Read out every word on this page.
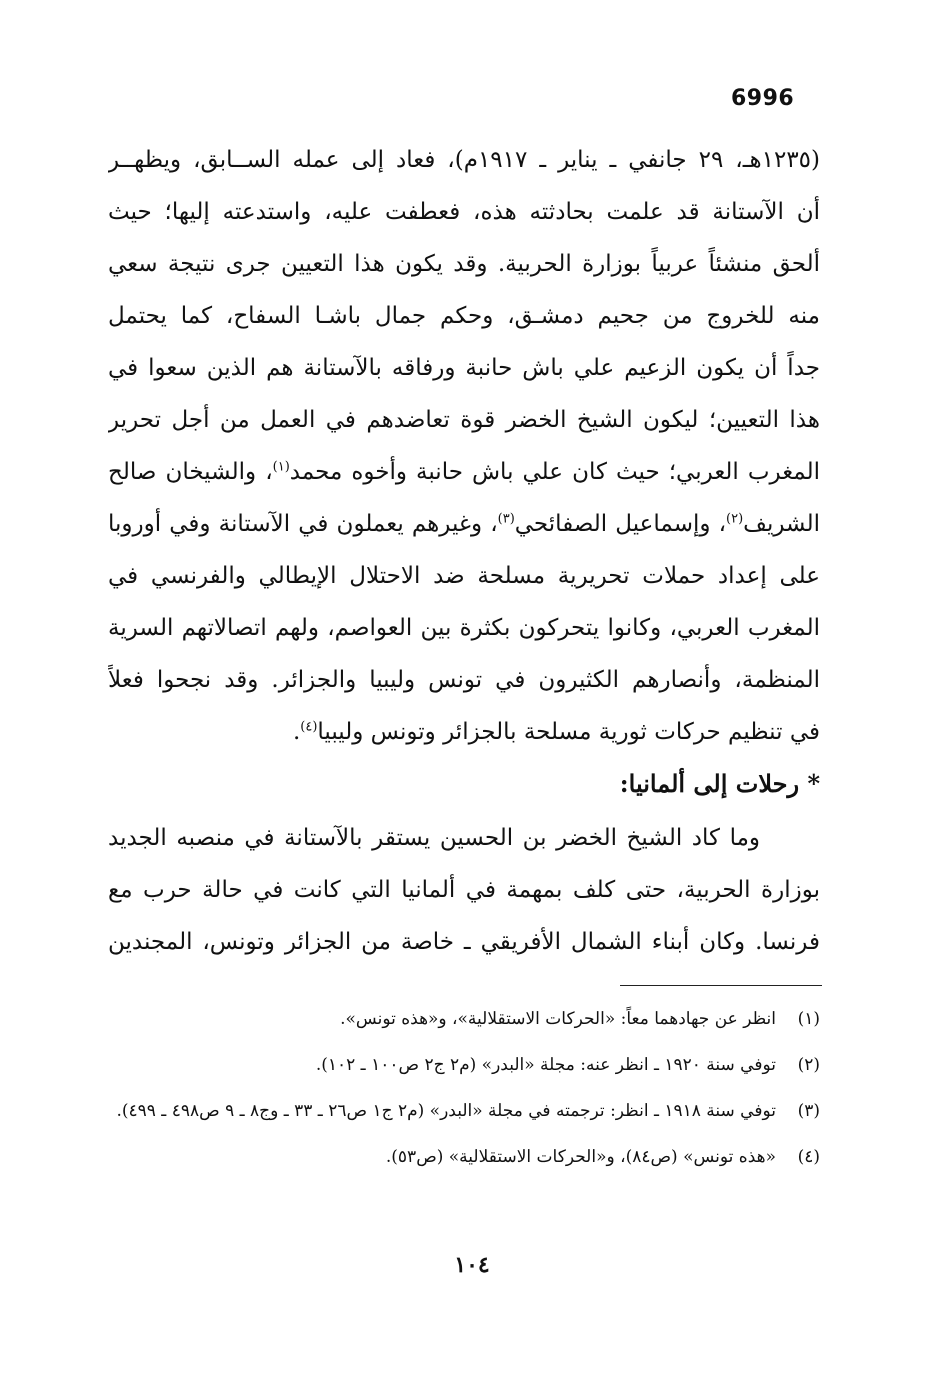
6996
(١٢٣٥هـ، ٢٩ جانفي ـ يناير ـ ١٩١٧م)، فعاد إلى عمله الســابق، ويظهــر
أن الآستانة قد علمت بحادثته هذه، فعطفت عليه، واستدعته إليها؛ حيث
ألحق منشئاً عربياً بوزارة الحربية. وقد يكون هذا التعيين جرى نتيجة سعي
منه للخروج من جحيم دمشـق، وحكم جمال باشـا السفاح، كما يحتمل
جداً أن يكون الزعيم علي باش حانبة ورفاقه بالآستانة هم الذين سعوا في
هذا التعيين؛ ليكون الشيخ الخضر قوة تعاضدهم في العمل من أجل تحرير
المغرب العربي؛ حيث كان علي باش حانبة وأخوه محمد$^{(١)}$، والشيخان صالح
الشريف$^{(٢)}$، وإسماعيل الصفائحي$^{(٣)}$، وغيرهم يعملون في الآستانة وفي أوروبا
على إعداد حملات تحريرية مسلحة ضد الاحتلال الإيطالي والفرنسي في
المغرب العربي، وكانوا يتحركون بكثرة بين العواصم، ولهم اتصالاتهم السرية
المنظمة، وأنصارهم الكثيرون في تونس وليبيا والجزائر. وقد نجحوا فعلاً
في تنظيم حركات ثورية مسلحة بالجزائر وتونس وليبيا$^{(٤)}$.
* رحلات إلى ألمانيا:
وما كاد الشيخ الخضر بن الحسين يستقر بالآستانة في منصبه الجديد
بوزارة الحربية، حتى كلف بمهمة في ألمانيا التي كانت في حالة حرب مع
فرنسا. وكان أبناء الشمال الأفريقي ـ خاصة من الجزائر وتونس، المجندين
(١)
انظر عن جهادهما معاً: «الحركات الاستقلالية»، و«هذه تونس».
(٢)
توفي سنة ١٩٢٠ ـ انظر عنه: مجلة «البدر» (م٢ ج٢ ص١٠٠ ـ ١٠٢).
(٣)
توفي سنة ١٩١٨ ـ انظر: ترجمته في مجلة «البدر» (م٢ ج١ ص٢٦ ـ ٣٣ ـ وج٨ ـ ٩ ص٤٩٨ ـ ٤٩٩).
(٤)
«هذه تونس» (ص٨٤)، و«الحركات الاستقلالية» (ص٥٣).
١٠٤
